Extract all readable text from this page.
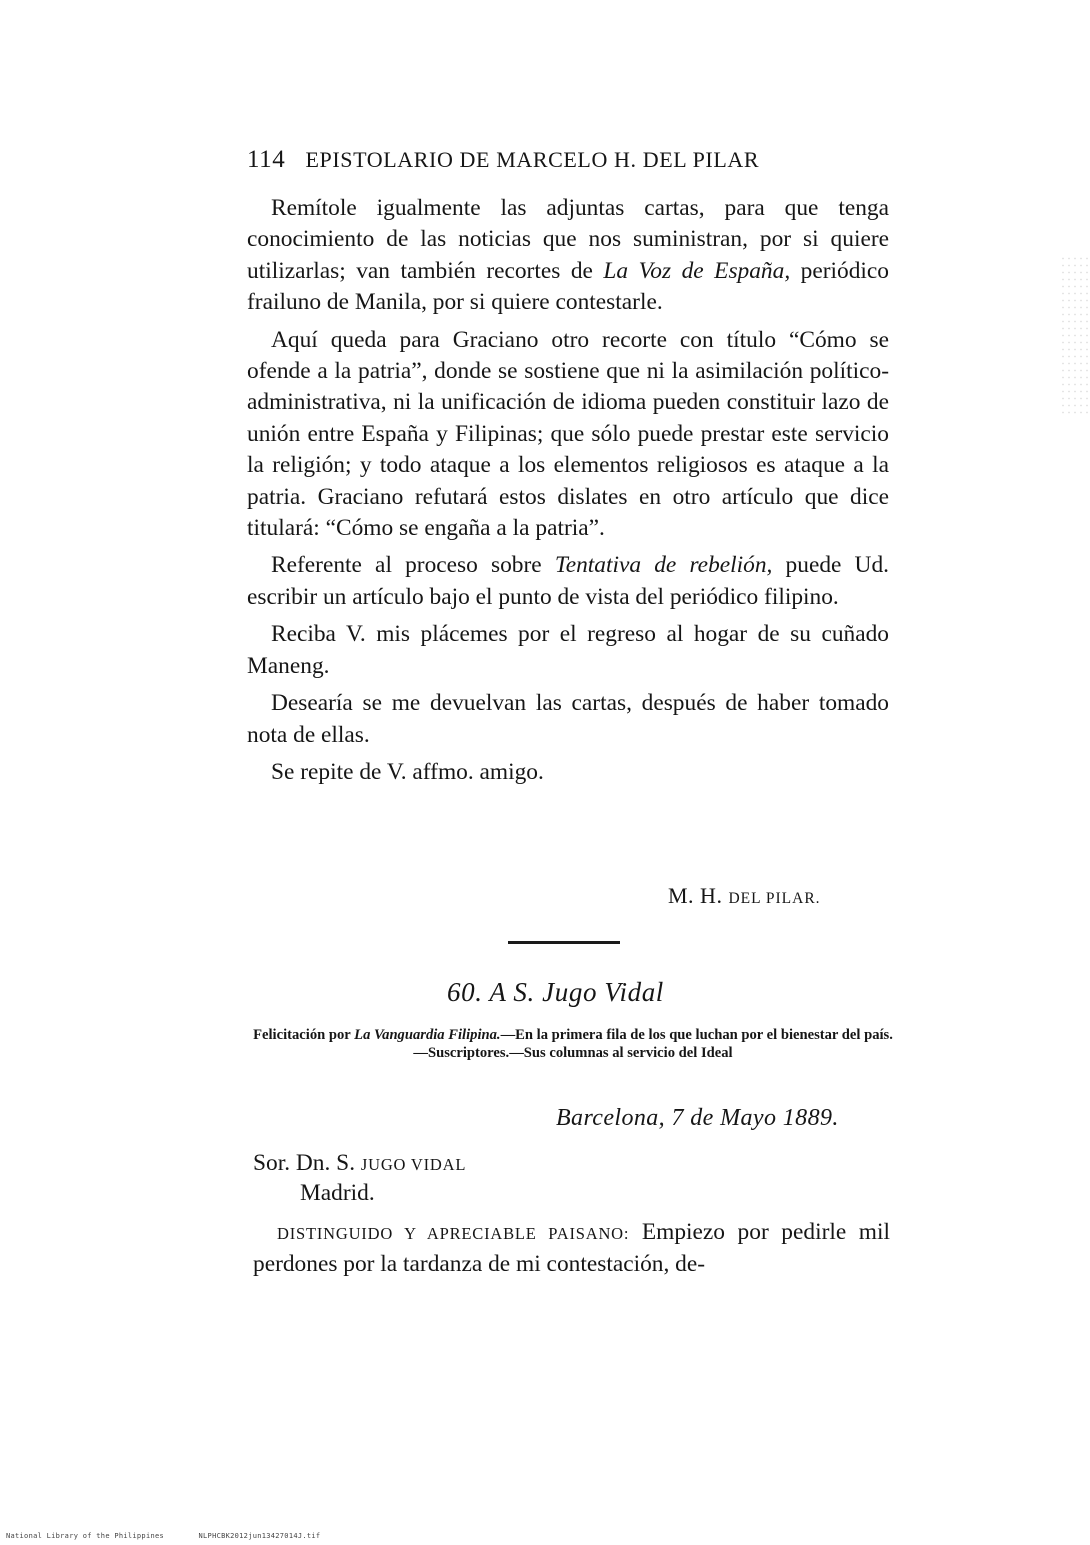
114 EPISTOLARIO DE MARCELO H. DEL PILAR

Remítole igualmente las adjuntas cartas, para que tenga conocimiento de las noticias que nos suministran, por si quiere utilizarlas; van también recortes de La Voz de España, periódico frailuno de Manila, por si quiere contestarle.

Aquí queda para Graciano otro recorte con título “Cómo se ofende a la patria”, donde se sostiene que ni la asimilación político-administrativa, ni la unificación de idioma pueden constituir lazo de unión entre España y Filipinas; que sólo puede prestar este servicio la religión; y todo ataque a los elementos religiosos es ataque a la patria. Graciano refutará estos dislates en otro artículo que dice titulará: “Cómo se engaña a la patria”.

Referente al proceso sobre Tentativa de rebelión, puede Ud. escribir un artículo bajo el punto de vista del periódico filipino.

Reciba V. mis plácemes por el regreso al hogar de su cuñado Maneng.

Desearía se me devuelvan las cartas, después de haber tomado nota de ellas.

Se repite de V. affmo. amigo.

M. H. DEL PILAR.
60. A S. Jugo Vidal
Felicitación por La Vanguardia Filipina.—En la primera fila de los que luchan por el bienestar del país.—Suscriptores.—Sus columnas al servicio del Ideal
Barcelona, 7 de Mayo 1889.
Sor. Dn. S. JUGO VIDAL
Madrid.

DISTINGUIDO Y APRECIABLE PAISANO: Empiezo por pedirle mil perdones por la tardanza de mi contestación, de-

National Library of the Philippines	NLPHCBK2012jun13427014J.tif
